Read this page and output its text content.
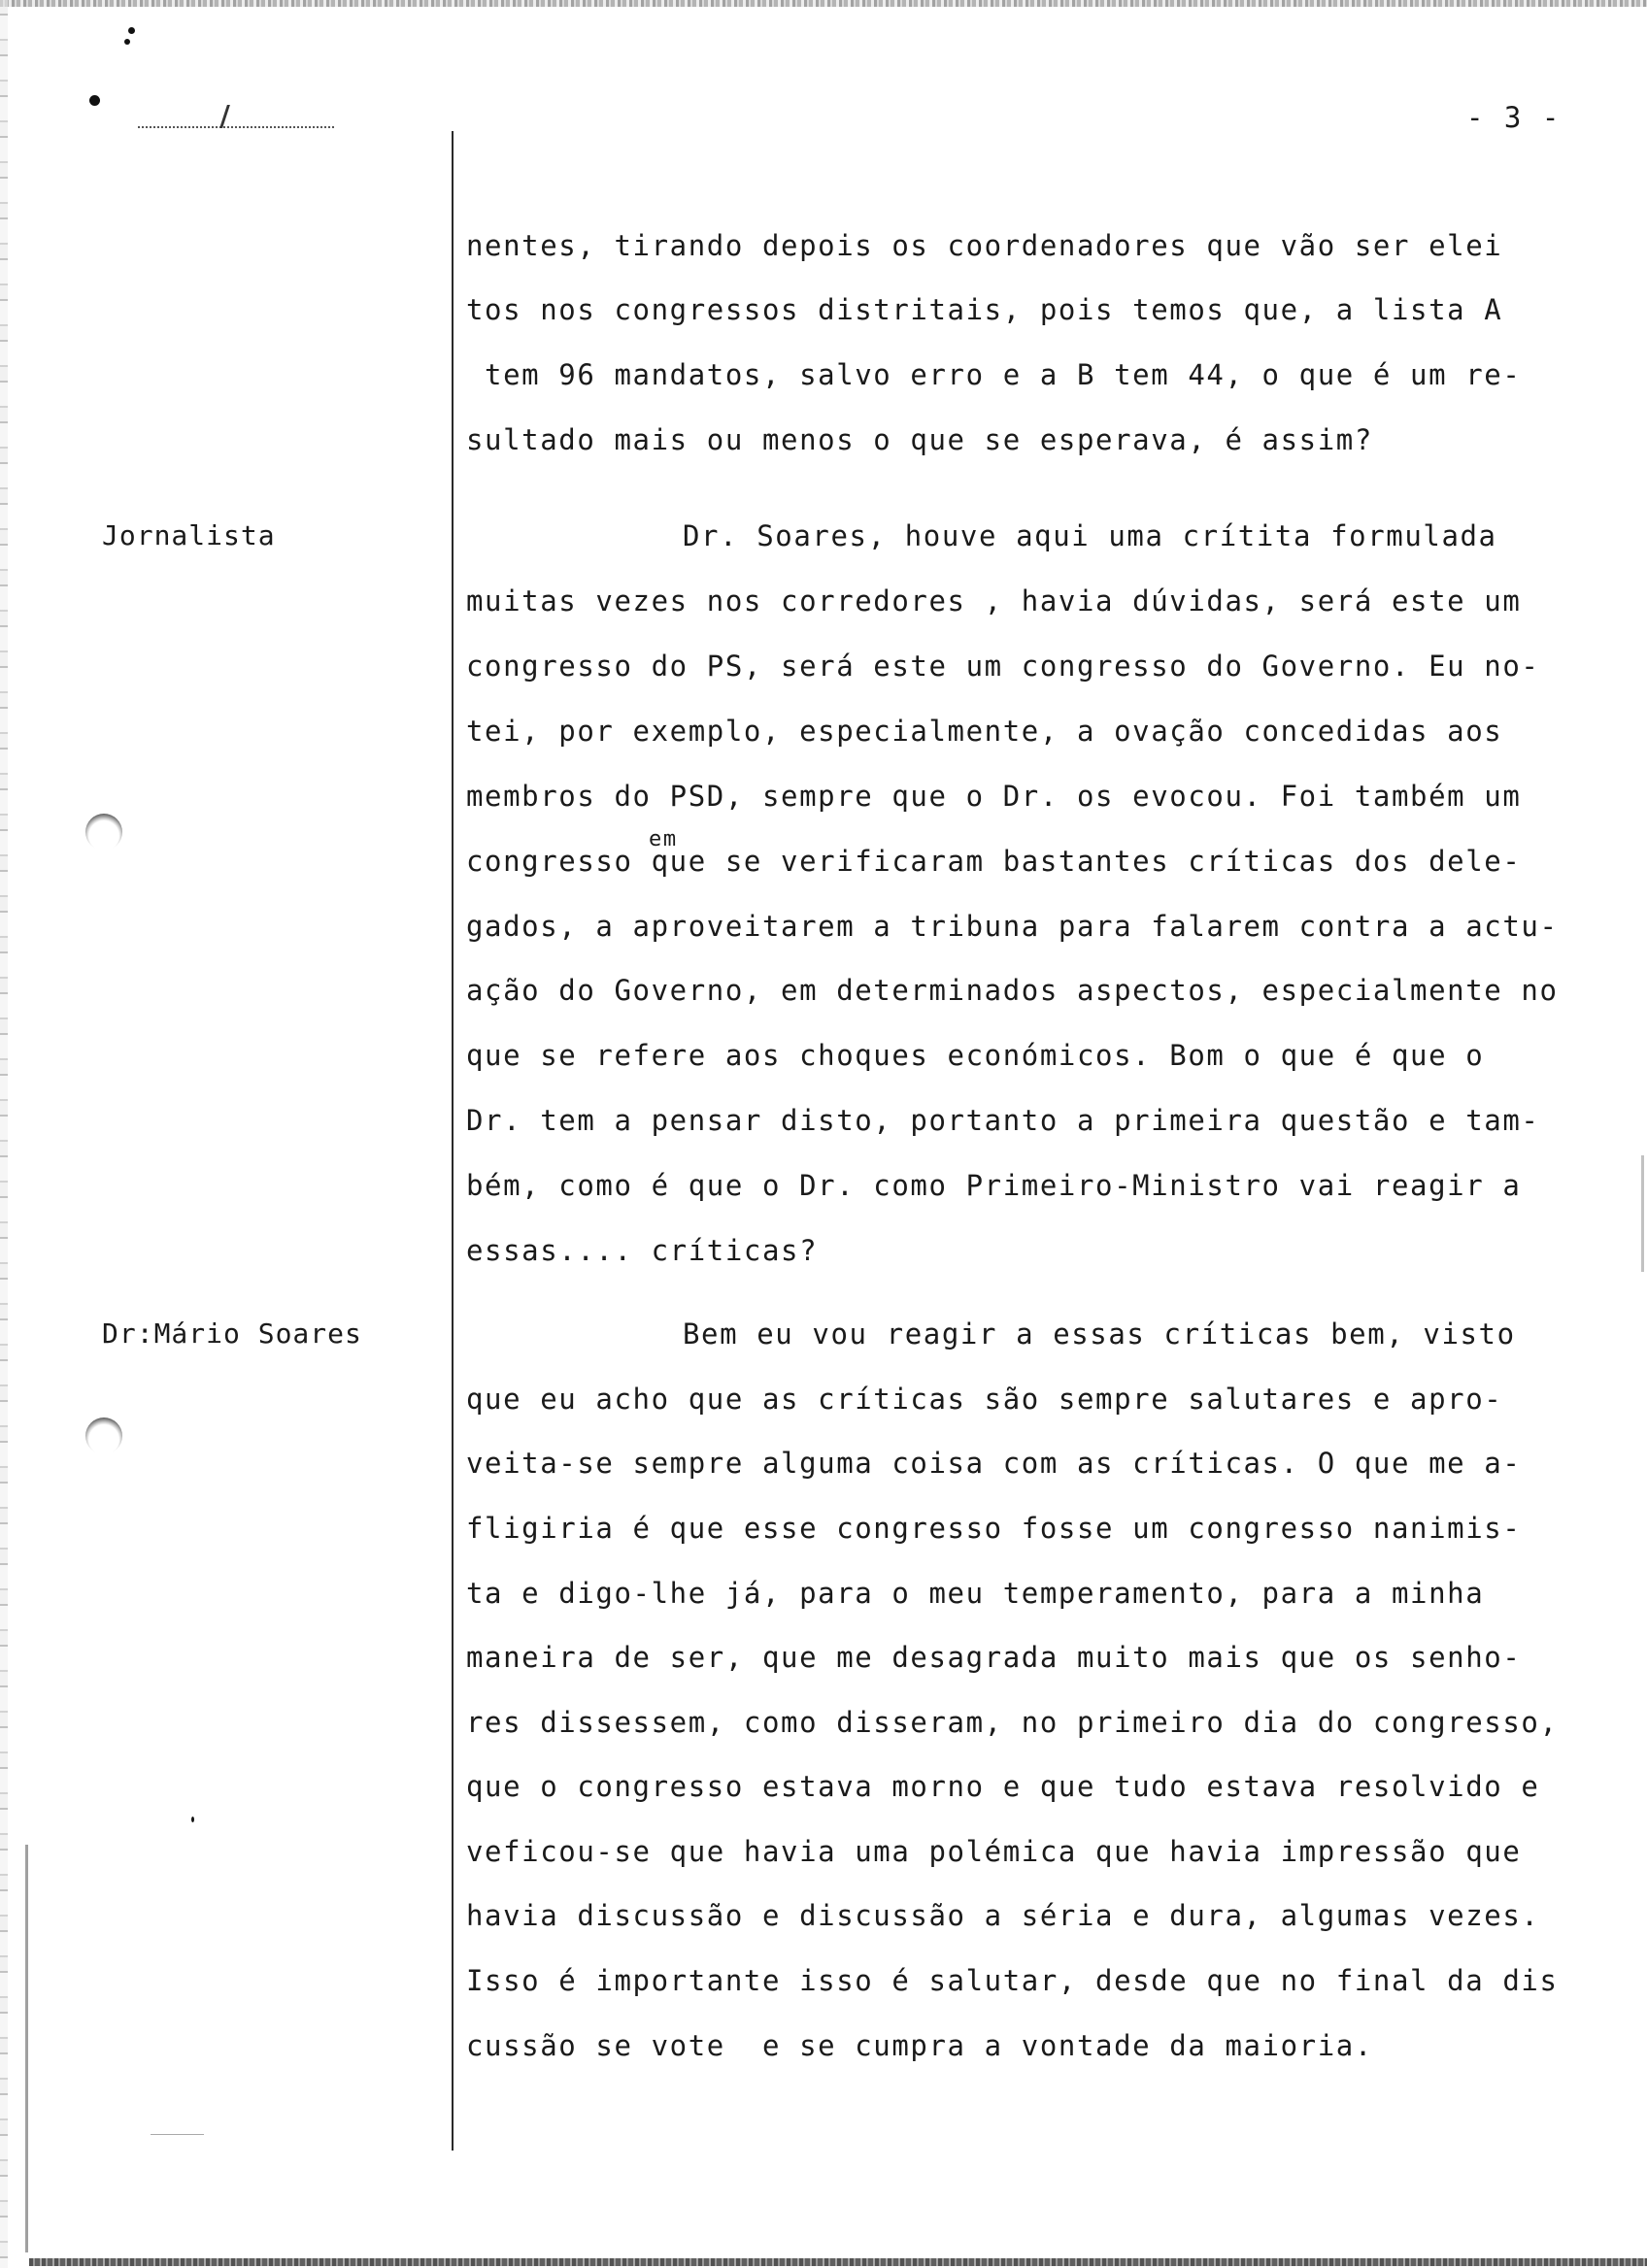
- 3 -
nentes, tirando depois os coordenadores que vão ser elei
tos nos congressos distritais, pois temos que, a lista A
tem 96 mandatos, salvo erro e a B tem 44, o que é um re-
sultado mais ou menos o que se esperava, é assim?
Jornalista	Dr. Soares, houve aqui uma crítita formulada
muitas vezes nos corredores , havia dúvidas, será este um
congresso do PS, será este um congresso do Governo. Eu no-
tei, por exemplo, especialmente, a ovação concedidas aos
membros do PSD, sempre que o Dr. os evocou. Foi também um
em
congresso que se verificaram bastantes críticas dos dele-
gados, a aproveitarem a tribuna para falarem contra a actu-
ação do Governo, em determinados aspectos, especialmente no
que se refere aos choques económicos. Bom o que é que o
Dr. tem a pensar disto, portanto a primeira questão e tam-
bém, como é que o Dr. como Primeiro-Ministro vai reagir a
essas.... críticas?
Dr:Mário Soares	Bem eu vou reagir a essas críticas bem, visto
que eu acho que as críticas são sempre salutares e apro-
veita-se sempre alguma coisa com as críticas. O que me a-
fligiria é que esse congresso fosse um congresso nanimis-
ta e digo-lhe já, para o meu temperamento, para a minha
maneira de ser, que me desagrada muito mais que os senho-
res dissessem, como disseram, no primeiro dia do congresso,
que o congresso estava morno e que tudo estava resolvido e
veficou-se que havia uma polémica que havia impressão que
havia discussão e discussão a séria e dura, algumas vezes.
Isso é importante isso é salutar, desde que no final da dis
cussão se vote  e se cumpra a vontade da maioria.
